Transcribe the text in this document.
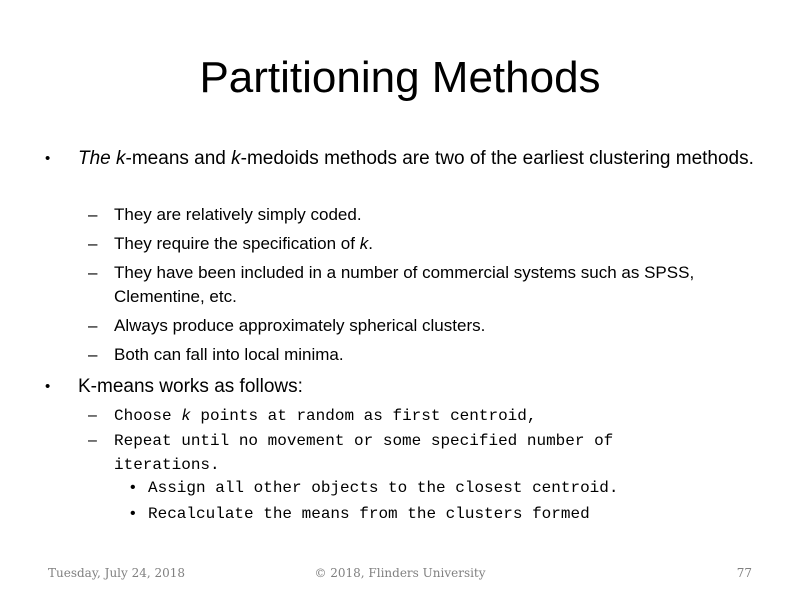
Partitioning Methods
• The k-means and k-medoids methods are two of the earliest clustering methods.
– They are relatively simply coded.
– They require the specification of k.
– They have been included in a number of commercial systems such as SPSS, Clementine, etc.
– Always produce approximately spherical clusters.
– Both can fall into local minima.
• K-means works as follows:
– Choose k points at random as first centroid,
– Repeat until no movement or some specified number of iterations.
• Assign all other objects to the closest centroid.
• Recalculate the means from the clusters formed
Tuesday, July 24, 2018	© 2018, Flinders University	77
